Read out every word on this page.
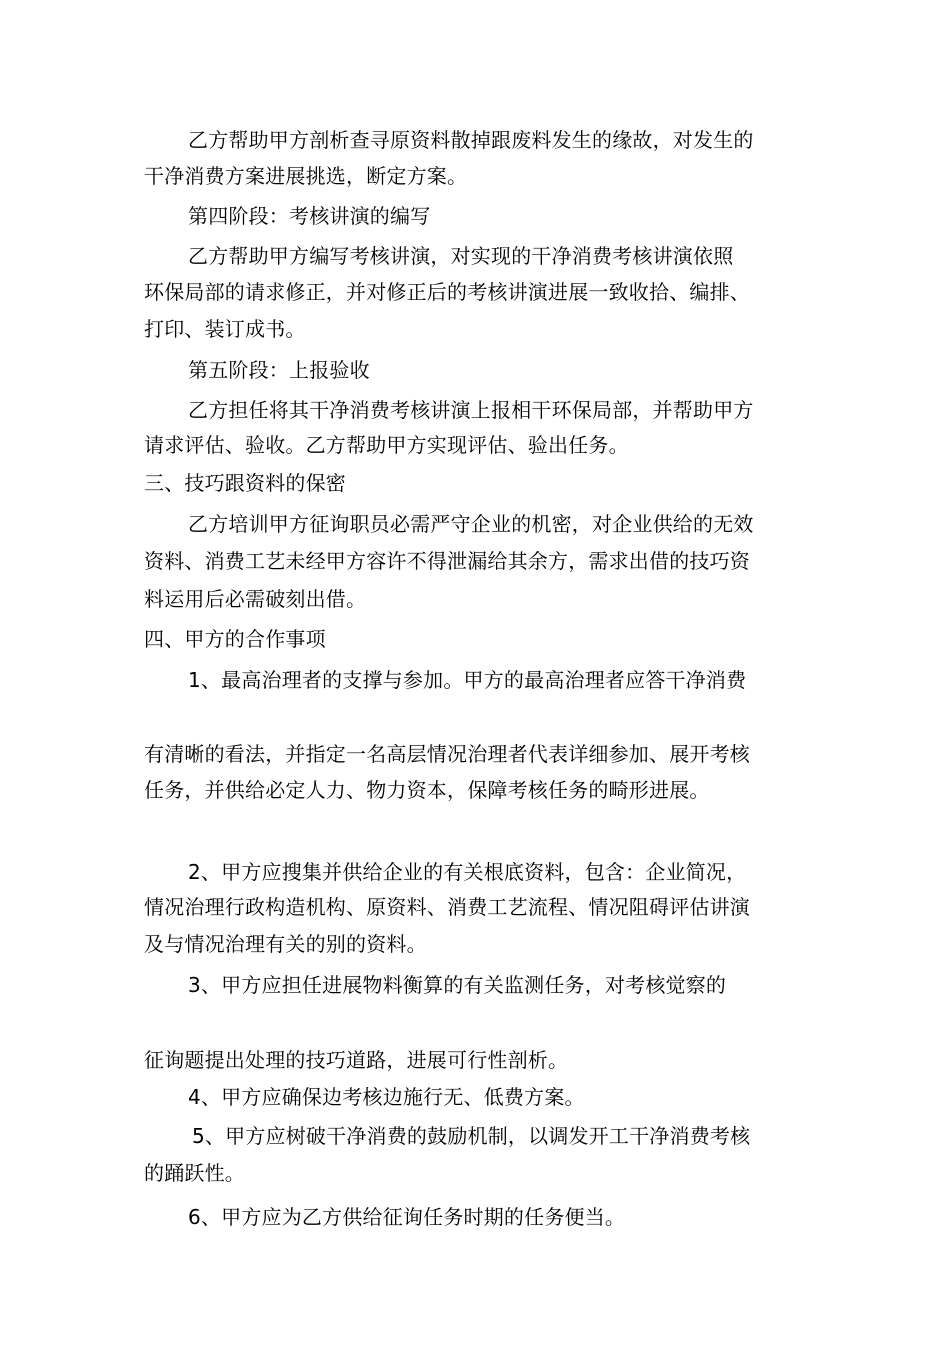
乙方帮助甲方剖析查寻原资料散掉跟废料发生的缘故，对发生的
干净消费方案进展挑选，断定方案。
第四阶段：考核讲演的编写
乙方帮助甲方编写考核讲演，对实现的干净消费考核讲演依照
环保局部的请求修正，并对修正后的考核讲演进展一致收拾、编排、
打印、装订成书。
第五阶段：上报验收
乙方担任将其干净消费考核讲演上报相干环保局部，并帮助甲方
请求评估、验收。乙方帮助甲方实现评估、验出任务。
三、技巧跟资料的保密
乙方培训甲方征询职员必需严守企业的机密，对企业供给的无效
资料、消费工艺未经甲方容许不得泄漏给其余方，需求出借的技巧资
料运用后必需破刻出借。
四、甲方的合作事项
1、最高治理者的支撑与参加。甲方的最高治理者应答干净消费
有清晰的看法，并指定一名高层情况治理者代表详细参加、展开考核
任务，并供给必定人力、物力资本，保障考核任务的畸形进展。
2、甲方应搜集并供给企业的有关根底资料，包含：企业简况，
情况治理行政构造机构、原资料、消费工艺流程、情况阻碍评估讲演
及与情况治理有关的别的资料。
3、甲方应担任进展物料衡算的有关监测任务，对考核觉察的
征询题提出处理的技巧道路，进展可行性剖析。
4、甲方应确保边考核边施行无、低费方案。
5、甲方应树破干净消费的鼓励机制，以调发开工干净消费考核
的踊跃性。
6、甲方应为乙方供给征询任务时期的任务便当。
